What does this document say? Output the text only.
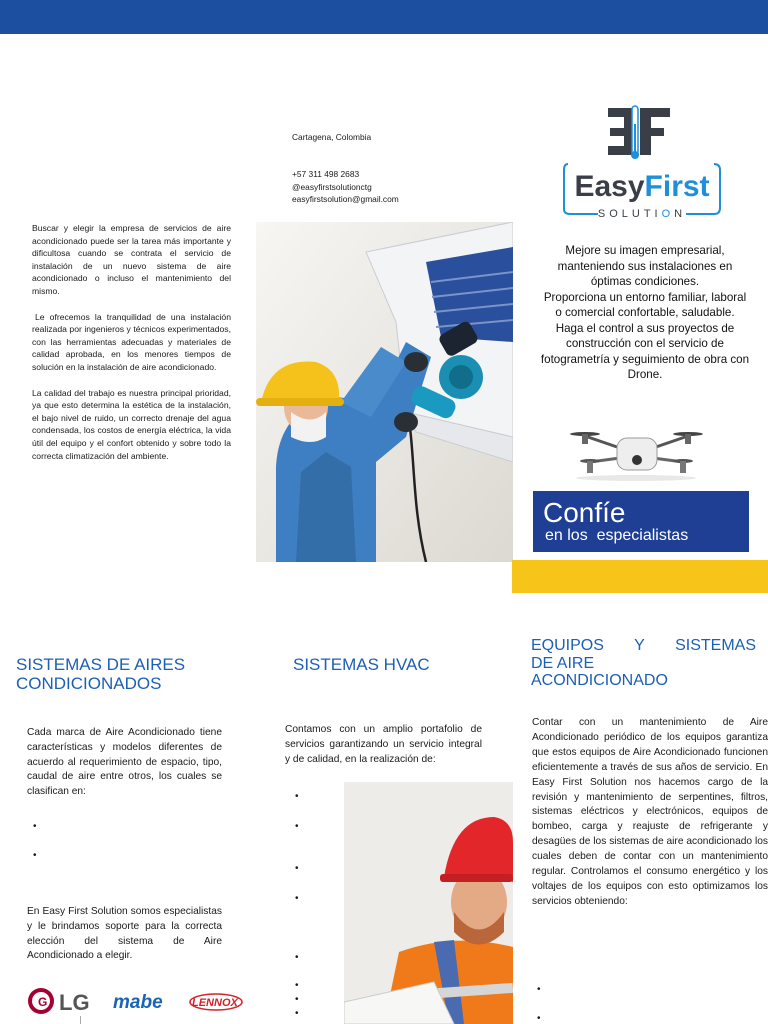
Cartagena, Colombia
+57 311 498 2683
@easyfirstsolutionctg
easyfirstsolution@gmail.com

Buscar y elegir la empresa de servicios de aire acondicionado puede ser la tarea más importante y dificultosa cuando se contrata el servicio de instalación de un nuevo sistema de aire acondicionado o incluso el mantenimiento del mismo.

Le ofrecemos la tranquilidad de una instalación realizada por ingenieros y técnicos experimentados, con las herramientas adecuadas y materiales de calidad aprobada, en los menores tiempos de solución en la instalación de aire acondicionado.

La calidad del trabajo es nuestra principal prioridad, ya que esto determina la estética de la instalación, el bajo nivel de ruido, un correcto drenaje del agua condensada, los costos de energía eléctrica, la vida útil del equipo y el confort obtenido y sobre todo la correcta climatización del ambiente.

EasyFirst
SOLUTION
Mejore su imagen empresarial,
manteniendo sus instalaciones en
óptimas condiciones.
Proporciona un entorno familiar, laboral
o comercial confortable, saludable.
Haga el control a sus proyectos de
construcción con el servicio de
fotogrametría y seguimiento de obra con
Drone.
Confíe
en los  especialistas
SISTEMAS DE AIRES
CONDICIONADOS
Cada marca de Aire Acondicionado tiene características y modelos diferentes de acuerdo al requerimiento de espacio, tipo, caudal de aire entre otros, los cuales se clasifican en:
•
•
En Easy First Solution somos especialistas y le brindamos soporte para la correcta elección del sistema de Aire Acondicionado a elegir.
G LG mabe	LENNOX
SISTEMAS HVAC
Contamos con un amplio portafolio de servicios garantizando un servicio integral y de calidad, en la realización de:
•
•
•
•
•
•
•
•
EQUIPOS Y SISTEMAS
DE AIRE
ACONDICIONADO
Contar con un mantenimiento de Aire Acondicionado periódico de los equipos garantiza que estos equipos de Aire Acondicionado funcionen eficientemente a través de sus años de servicio. En Easy First Solution nos hacemos cargo de la revisión y mantenimiento de serpentines, filtros, sistemas eléctricos y electrónicos, equipos de bombeo, carga y reajuste de refrigerante y desagües de los sistemas de aire acondicionado los cuales deben de contar con un mantenimiento regular. Controlamos el consumo energético y los voltajes de los equipos con esto optimizamos los servicios obteniendo:
•
•
